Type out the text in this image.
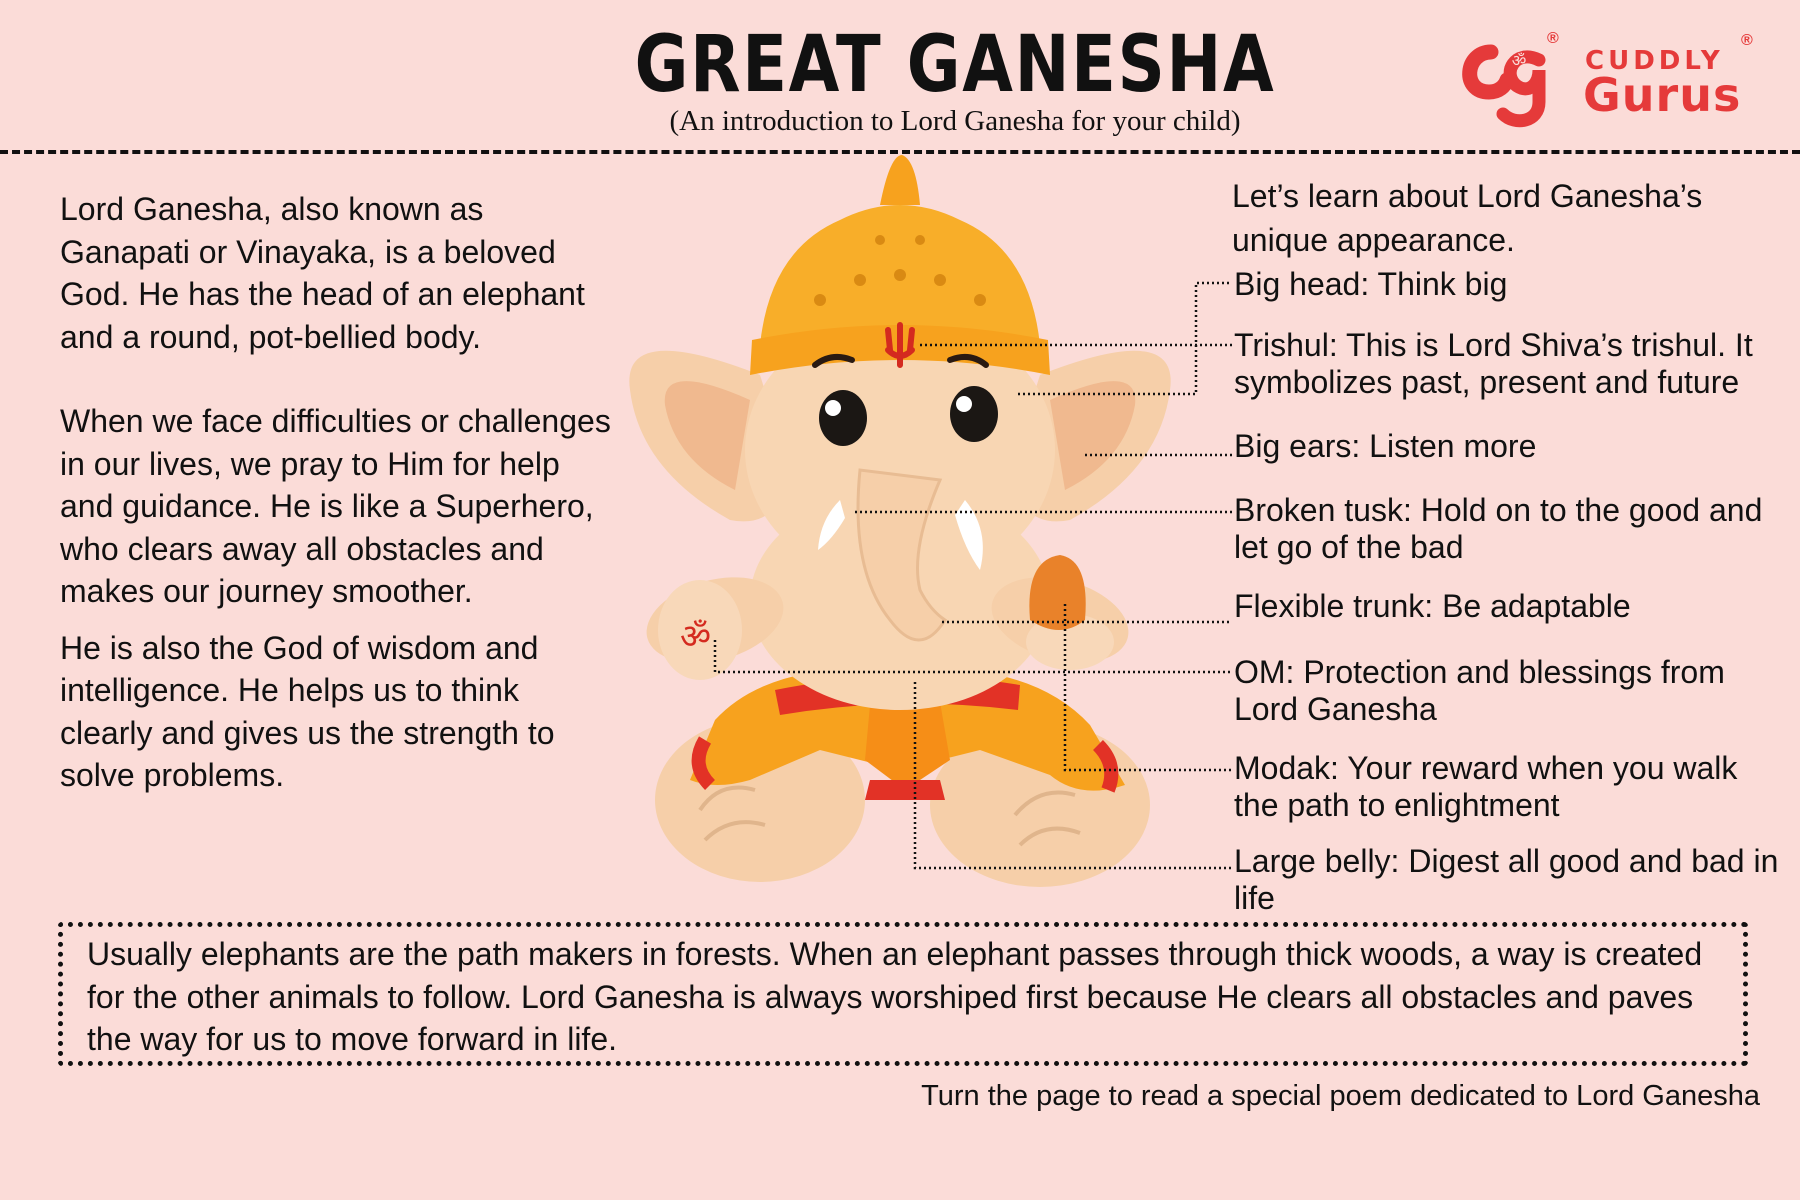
GREAT GANESHA

(An introduction to Lord Ganesha for your child)

ॐ
®
CUDDLY
®
Gurus

Lord Ganesha, also known as Ganapati or Vinayaka, is a beloved God. He has the head of an elephant and a round, pot-bellied body.

When we face difficulties or challenges in our lives, we pray to Him for help and guidance. He is like a Superhero, who clears away all obstacles and makes our journey smoother.

He is also the God of wisdom and intelligence. He helps us to think clearly and gives us the strength to solve problems.

ॐ
Let’s learn about Lord Ganesha’s unique appearance.
Big head: Think big
Trishul: This is Lord Shiva’s trishul. It symbolizes past, present and future
Big ears: Listen more
Broken tusk: Hold on to the good and let go of the bad
Flexible trunk: Be adaptable
OM: Protection and blessings from Lord Ganesha
Modak: Your reward when you walk the path to enlightment
Large belly: Digest all good and bad in life

Usually elephants are the path makers in forests. When an elephant passes through thick woods, a way is created for the other animals to follow. Lord Ganesha is always worshiped first because He clears all obstacles and paves the way for us to move forward in life.

Turn the page to read a special poem dedicated to Lord Ganesha
